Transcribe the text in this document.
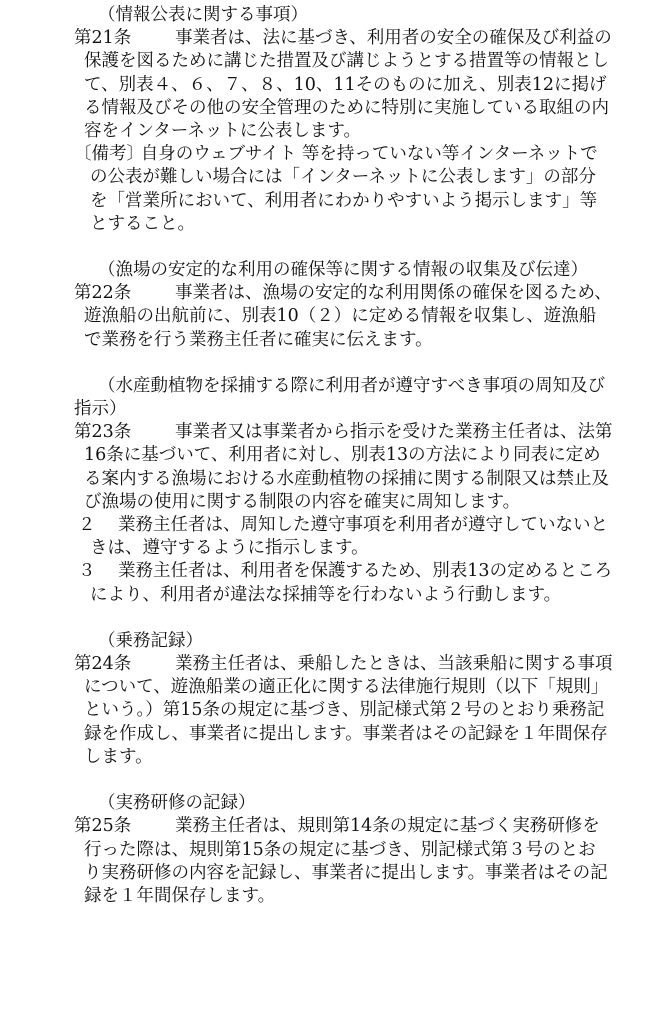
（情報公表に関する事項）

第21条	事業者は、法に基づき、利用者の安全の確保及び利益の保護を図るために講じた措置及び講じようとする措置等の情報として、別表４、６、７、８、10、11そのものに加え、別表12に掲げる情報及びその他の安全管理のために特別に実施している取組の内容をインターネットに公表します。

〔備考〕
自身のウェブサイト 等を持っていない等インターネットでの公表が難しい場合には「インターネットに公表します」の部分を「営業所において、利用者にわかりやすいよう掲示します」等とすること。

（漁場の安定的な利用の確保等に関する情報の収集及び伝達）

第22条	事業者は、漁場の安定的な利用関係の確保を図るため、遊漁船の出航前に、別表10（２）に定める情報を収集し、遊漁船で業務を行う業務主任者に確実に伝えます。

（水産動植物を採捕する際に利用者が遵守すべき事項の周知及び指示）

第23条	事業者又は事業者から指示を受けた業務主任者は、法第16条に基づいて、利用者に対し、別表13の方法により同表に定める案内する漁場における水産動植物の採捕に関する制限又は禁止及び漁場の使用に関する制限の内容を確実に周知します。

２	業務主任者は、周知した遵守事項を利用者が遵守していないときは、遵守するように指示します。

３	業務主任者は、利用者を保護するため、別表13の定めるところにより、利用者が違法な採捕等を行わないよう行動します。

（乗務記録）

第24条	業務主任者は、乗船したときは、当該乗船に関する事項について、遊漁船業の適正化に関する法律施行規則（以下「規則」という。）第15条の規定に基づき、別記様式第２号のとおり乗務記録を作成し、事業者に提出します。事業者はその記録を１年間保存します。

（実務研修の記録）

第25条	業務主任者は、規則第14条の規定に基づく実務研修を行った際は、規則第15条の規定に基づき、別記様式第３号のとおり実務研修の内容を記録し、事業者に提出します。事業者はその記録を１年間保存します。
